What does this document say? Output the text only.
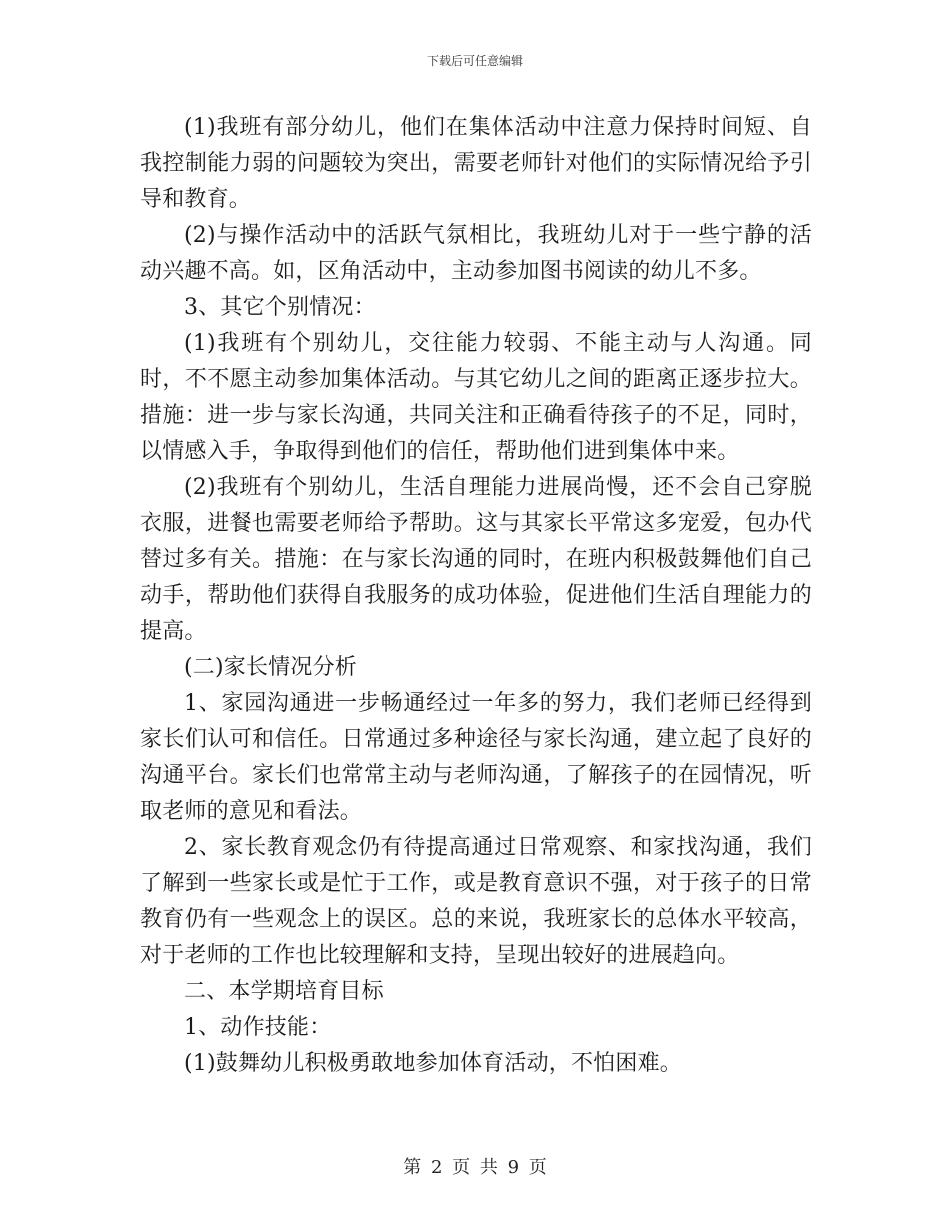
下载后可任意编辑

(1)我班有部分幼儿，他们在集体活动中注意力保持时间短、自我控制能力弱的问题较为突出，需要老师针对他们的实际情况给予引导和教育。

(2)与操作活动中的活跃气氛相比，我班幼儿对于一些宁静的活动兴趣不高。如，区角活动中，主动参加图书阅读的幼儿不多。

3、其它个别情况：

(1)我班有个别幼儿，交往能力较弱、不能主动与人沟通。同时，不不愿主动参加集体活动。与其它幼儿之间的距离正逐步拉大。措施：进一步与家长沟通，共同关注和正确看待孩子的不足，同时，以情感入手，争取得到他们的信任，帮助他们进到集体中来。

(2)我班有个别幼儿，生活自理能力进展尚慢，还不会自己穿脱衣服，进餐也需要老师给予帮助。这与其家长平常这多宠爱，包办代替过多有关。措施：在与家长沟通的同时，在班内积极鼓舞他们自己动手，帮助他们获得自我服务的成功体验，促进他们生活自理能力的提高。

(二)家长情况分析

1、家园沟通进一步畅通经过一年多的努力，我们老师已经得到家长们认可和信任。日常通过多种途径与家长沟通，建立起了良好的沟通平台。家长们也常常主动与老师沟通，了解孩子的在园情况，听取老师的意见和看法。

2、家长教育观念仍有待提高通过日常观察、和家找沟通，我们了解到一些家长或是忙于工作，或是教育意识不强，对于孩子的日常教育仍有一些观念上的误区。总的来说，我班家长的总体水平较高，对于老师的工作也比较理解和支持，呈现出较好的进展趋向。

二、本学期培育目标

1、动作技能：

(1)鼓舞幼儿积极勇敢地参加体育活动，不怕困难。

第 2 页 共 9 页
